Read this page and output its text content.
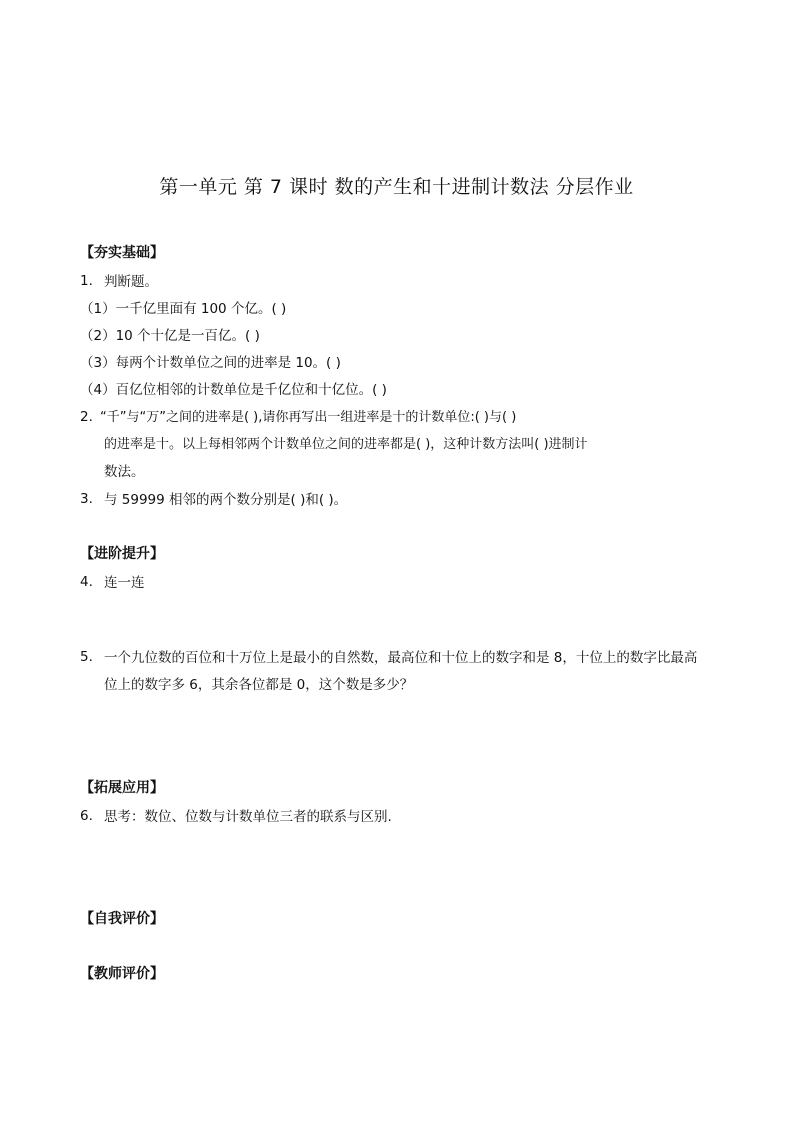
第一单元 第 7 课时 数的产生和十进制计数法 分层作业
【夯实基础】
1. 判断题。
（1）一千亿里面有 100 个亿。( )
（2）10 个十亿是一百亿。( )
（3）每两个计数单位之间的进率是 10。( )
（4）百亿位相邻的计数单位是千亿位和十亿位。( )
2. “千”与“万”之间的进率是( ),请你再写出一组进率是十的计数单位:( )与( )
的进率是十。以上每相邻两个计数单位之间的进率都是( )，这种计数方法叫( )进制计
数法。
3. 与 59999 相邻的两个数分别是( )和( )。
【进阶提升】
4. 连一连
5. 一个九位数的百位和十万位上是最小的自然数，最高位和十位上的数字和是 8，十位上的数字比最高
位上的数字多 6，其余各位都是 0，这个数是多少？
【拓展应用】
6. 思考：数位、位数与计数单位三者的联系与区别.
【自我评价】
【教师评价】
